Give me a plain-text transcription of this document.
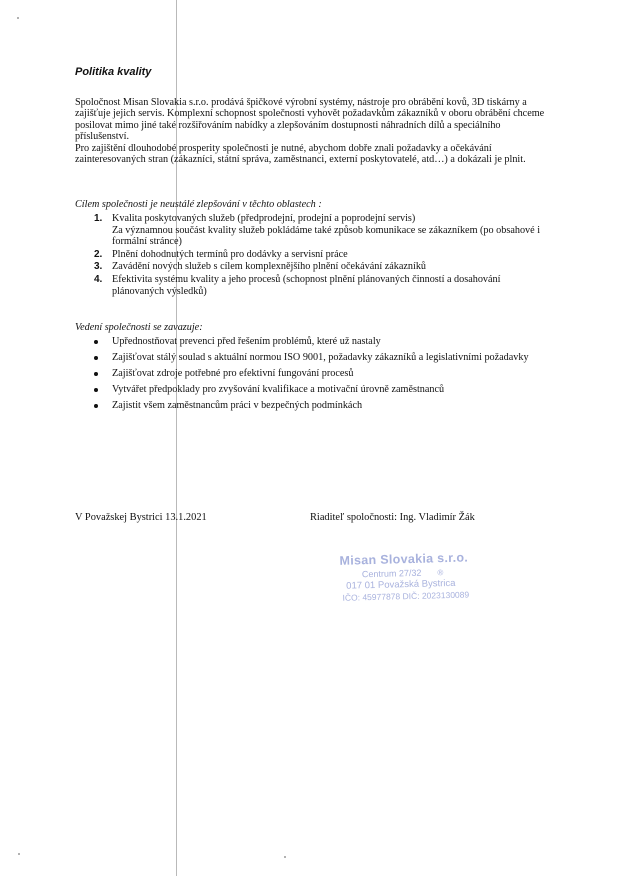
Politika kvality

Spoločnost Misan Slovakia s.r.o. prodává špičkové výrobní systémy, nástroje pro obrábění kovů, 3D tiskárny a zajišťuje jejich servis. Komplexní schopnost společnosti vyhovět požadavkům zákazníků v oboru obrábění chceme posilovat mimo jiné také rozšiřováním nabídky a zlepšováním dostupnosti náhradních dílů a speciálního příslušenství.

Pro zajištění dlouhodobé prosperity společnosti je nutné, abychom dobře znali požadavky a očekávání zainteresovaných stran (zákazníci, státní správa, zaměstnanci, externí poskytovatelé, atd…) a dokázali je plnit.

Cílem společnosti je neustálé zlepšování v těchto oblastech :

1. Kvalita poskytovaných služeb (předprodejní, prodejní a poprodejní servis)
Za významnou součást kvality služeb pokládáme také způsob komunikace se zákazníkem (po obsahové i formální stránce)
2. Plnění dohodnutých termínů pro dodávky a servisní práce
3. Zavádění nových služeb s cílem komplexnějšího plnění očekávání zákazníků
4. Efektivita systému kvality a jeho procesů (schopnost plnění plánovaných činností a dosahování plánovaných výsledků)

Vedení společnosti se zavazuje:

Upřednostňovat prevenci před řešením problémů, které už nastaly
Zajišťovat stálý soulad s aktuální normou ISO 9001, požadavky zákazníků a legislativními požadavky
Zajišťovat zdroje potřebné pro efektivní fungování procesů
Vytvářet předpoklady pro zvyšování kvalifikace a motivační úrovně zaměstnanců
Zajistit všem zaměstnancům práci v bezpečných podmínkách
V Považskej Bystrici 13.1.2021	Riaditeľ spoločnosti: Ing. Vladimír Žák
Misan Slovakia s.r.o.
Centrum 27/32 ®
017 01 Považská Bystrica
IČO: 45977878 DIČ: 2023130089
